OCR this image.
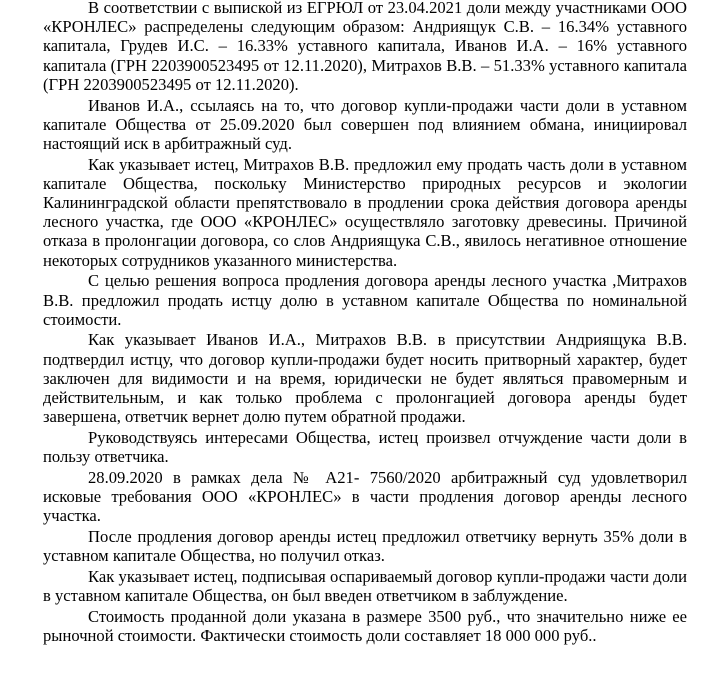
В соответствии с выпиской из ЕГРЮЛ от 23.04.2021 доли между участниками ООО «КРОНЛЕС» распределены следующим образом: Андриящук С.В. – 16.34% уставного капитала, Грудев И.С. – 16.33% уставного капитала, Иванов И.А. – 16% уставного капитала (ГРН 2203900523495 от 12.11.2020), Митрахов В.В. – 51.33% уставного капитала (ГРН 2203900523495 от 12.11.2020).

Иванов И.А., ссылаясь на то, что договор купли-продажи части доли в уставном капитале Общества от 25.09.2020 был совершен под влиянием обмана, инициировал настоящий иск в арбитражный суд.

Как указывает истец, Митрахов В.В. предложил ему продать часть доли в уставном капитале Общества, поскольку Министерство природных ресурсов и экологии Калининградской области препятствовало в продлении срока действия договора аренды лесного участка, где ООО «КРОНЛЕС» осуществляло заготовку древесины. Причиной отказа в пролонгации договора, со слов Андриящука С.В., явилось негативное отношение некоторых сотрудников указанного министерства.

С целью решения вопроса продления договора аренды лесного участка ,Митрахов В.В. предложил продать истцу долю в уставном капитале Общества по номинальной стоимости.

Как указывает Иванов И.А., Митрахов В.В. в присутствии Андриящука В.В. подтвердил истцу, что договор купли-продажи будет носить притворный характер, будет заключен для видимости и на время, юридически не будет являться правомерным и действительным, и как только проблема с пролонгацией договора аренды будет завершена, ответчик вернет долю путем обратной продажи.

Руководствуясь интересами Общества, истец произвел отчуждение части доли в пользу ответчика.

28.09.2020 в рамках дела № А21- 7560/2020 арбитражный суд удовлетворил исковые требования ООО «КРОНЛЕС» в части продления договор аренды лесного участка.

После продления договор аренды истец предложил ответчику вернуть 35% доли в уставном капитале Общества, но получил отказ.

Как указывает истец, подписывая оспариваемый договор купли-продажи части доли в уставном капитале Общества, он был введен ответчиком в заблуждение.

Стоимость проданной доли указана в размере 3500 руб., что значительно ниже ее рыночной стоимости. Фактически стоимость доли составляет 18 000 000 руб..
